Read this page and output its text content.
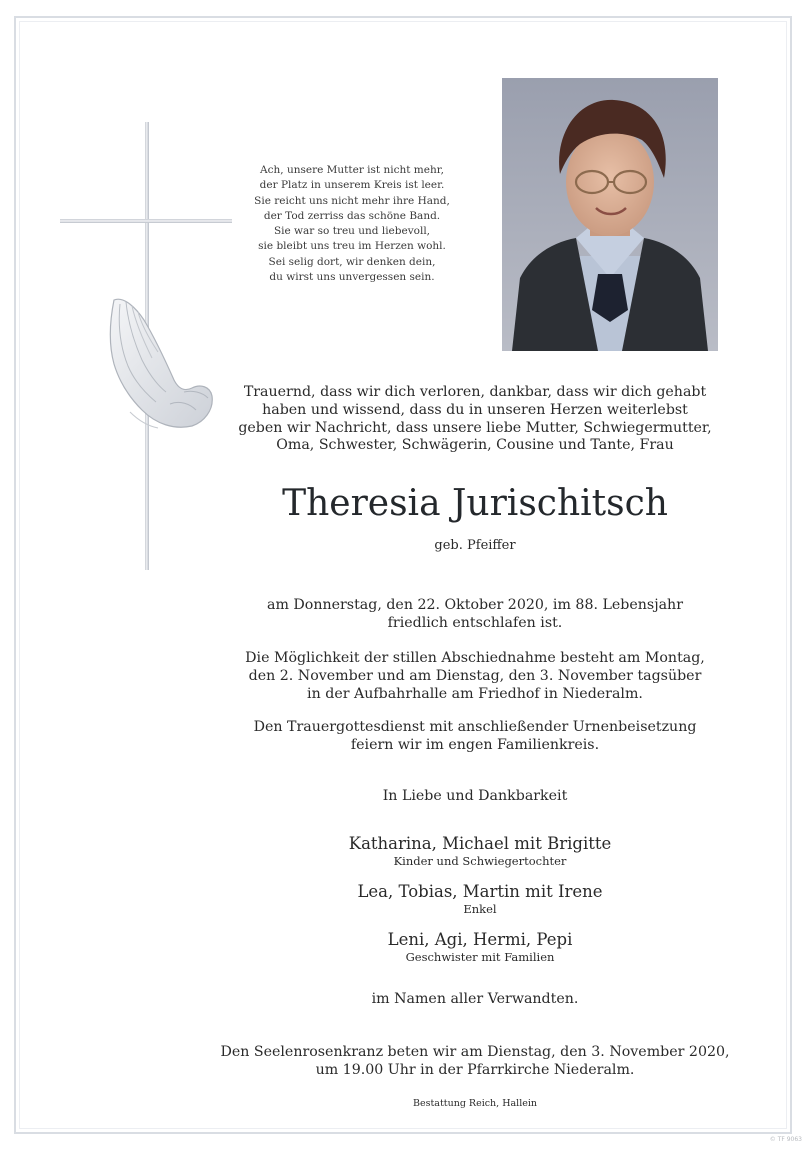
Ach, unsere Mutter ist nicht mehr,
der Platz in unserem Kreis ist leer.
Sie reicht uns nicht mehr ihre Hand,
der Tod zerriss das schöne Band.
Sie war so treu und liebevoll,
sie bleibt uns treu im Herzen wohl.
Sei selig dort, wir denken dein,
du wirst uns unvergessen sein.
Trauernd, dass wir dich verloren, dankbar, dass wir dich gehabt
haben und wissend, dass du in unseren Herzen weiterlebst
geben wir Nachricht, dass unsere liebe Mutter, Schwiegermutter,
Oma, Schwester, Schwägerin, Cousine und Tante, Frau
Theresia Jurischitsch
geb. Pfeiffer
am Donnerstag, den 22. Oktober 2020, im 88. Lebensjahr
friedlich entschlafen ist.
Die Möglichkeit der stillen Abschiednahme besteht am Montag,
den 2. November und am Dienstag, den 3. November tagsüber
in der Aufbahrhalle am Friedhof in Niederalm.
Den Trauergottesdienst mit anschließender Urnenbeisetzung
feiern wir im engen Familienkreis.
In Liebe und Dankbarkeit
Katharina, Michael mit Brigitte
Kinder und Schwiegertochter
Lea, Tobias, Martin mit Irene
Enkel
Leni, Agi, Hermi, Pepi
Geschwister mit Familien
im Namen aller Verwandten.
Den Seelenrosenkranz beten wir am Dienstag, den 3. November 2020,
um 19.00 Uhr in der Pfarrkirche Niederalm.
Bestattung Reich, Hallein
© TF 9063
